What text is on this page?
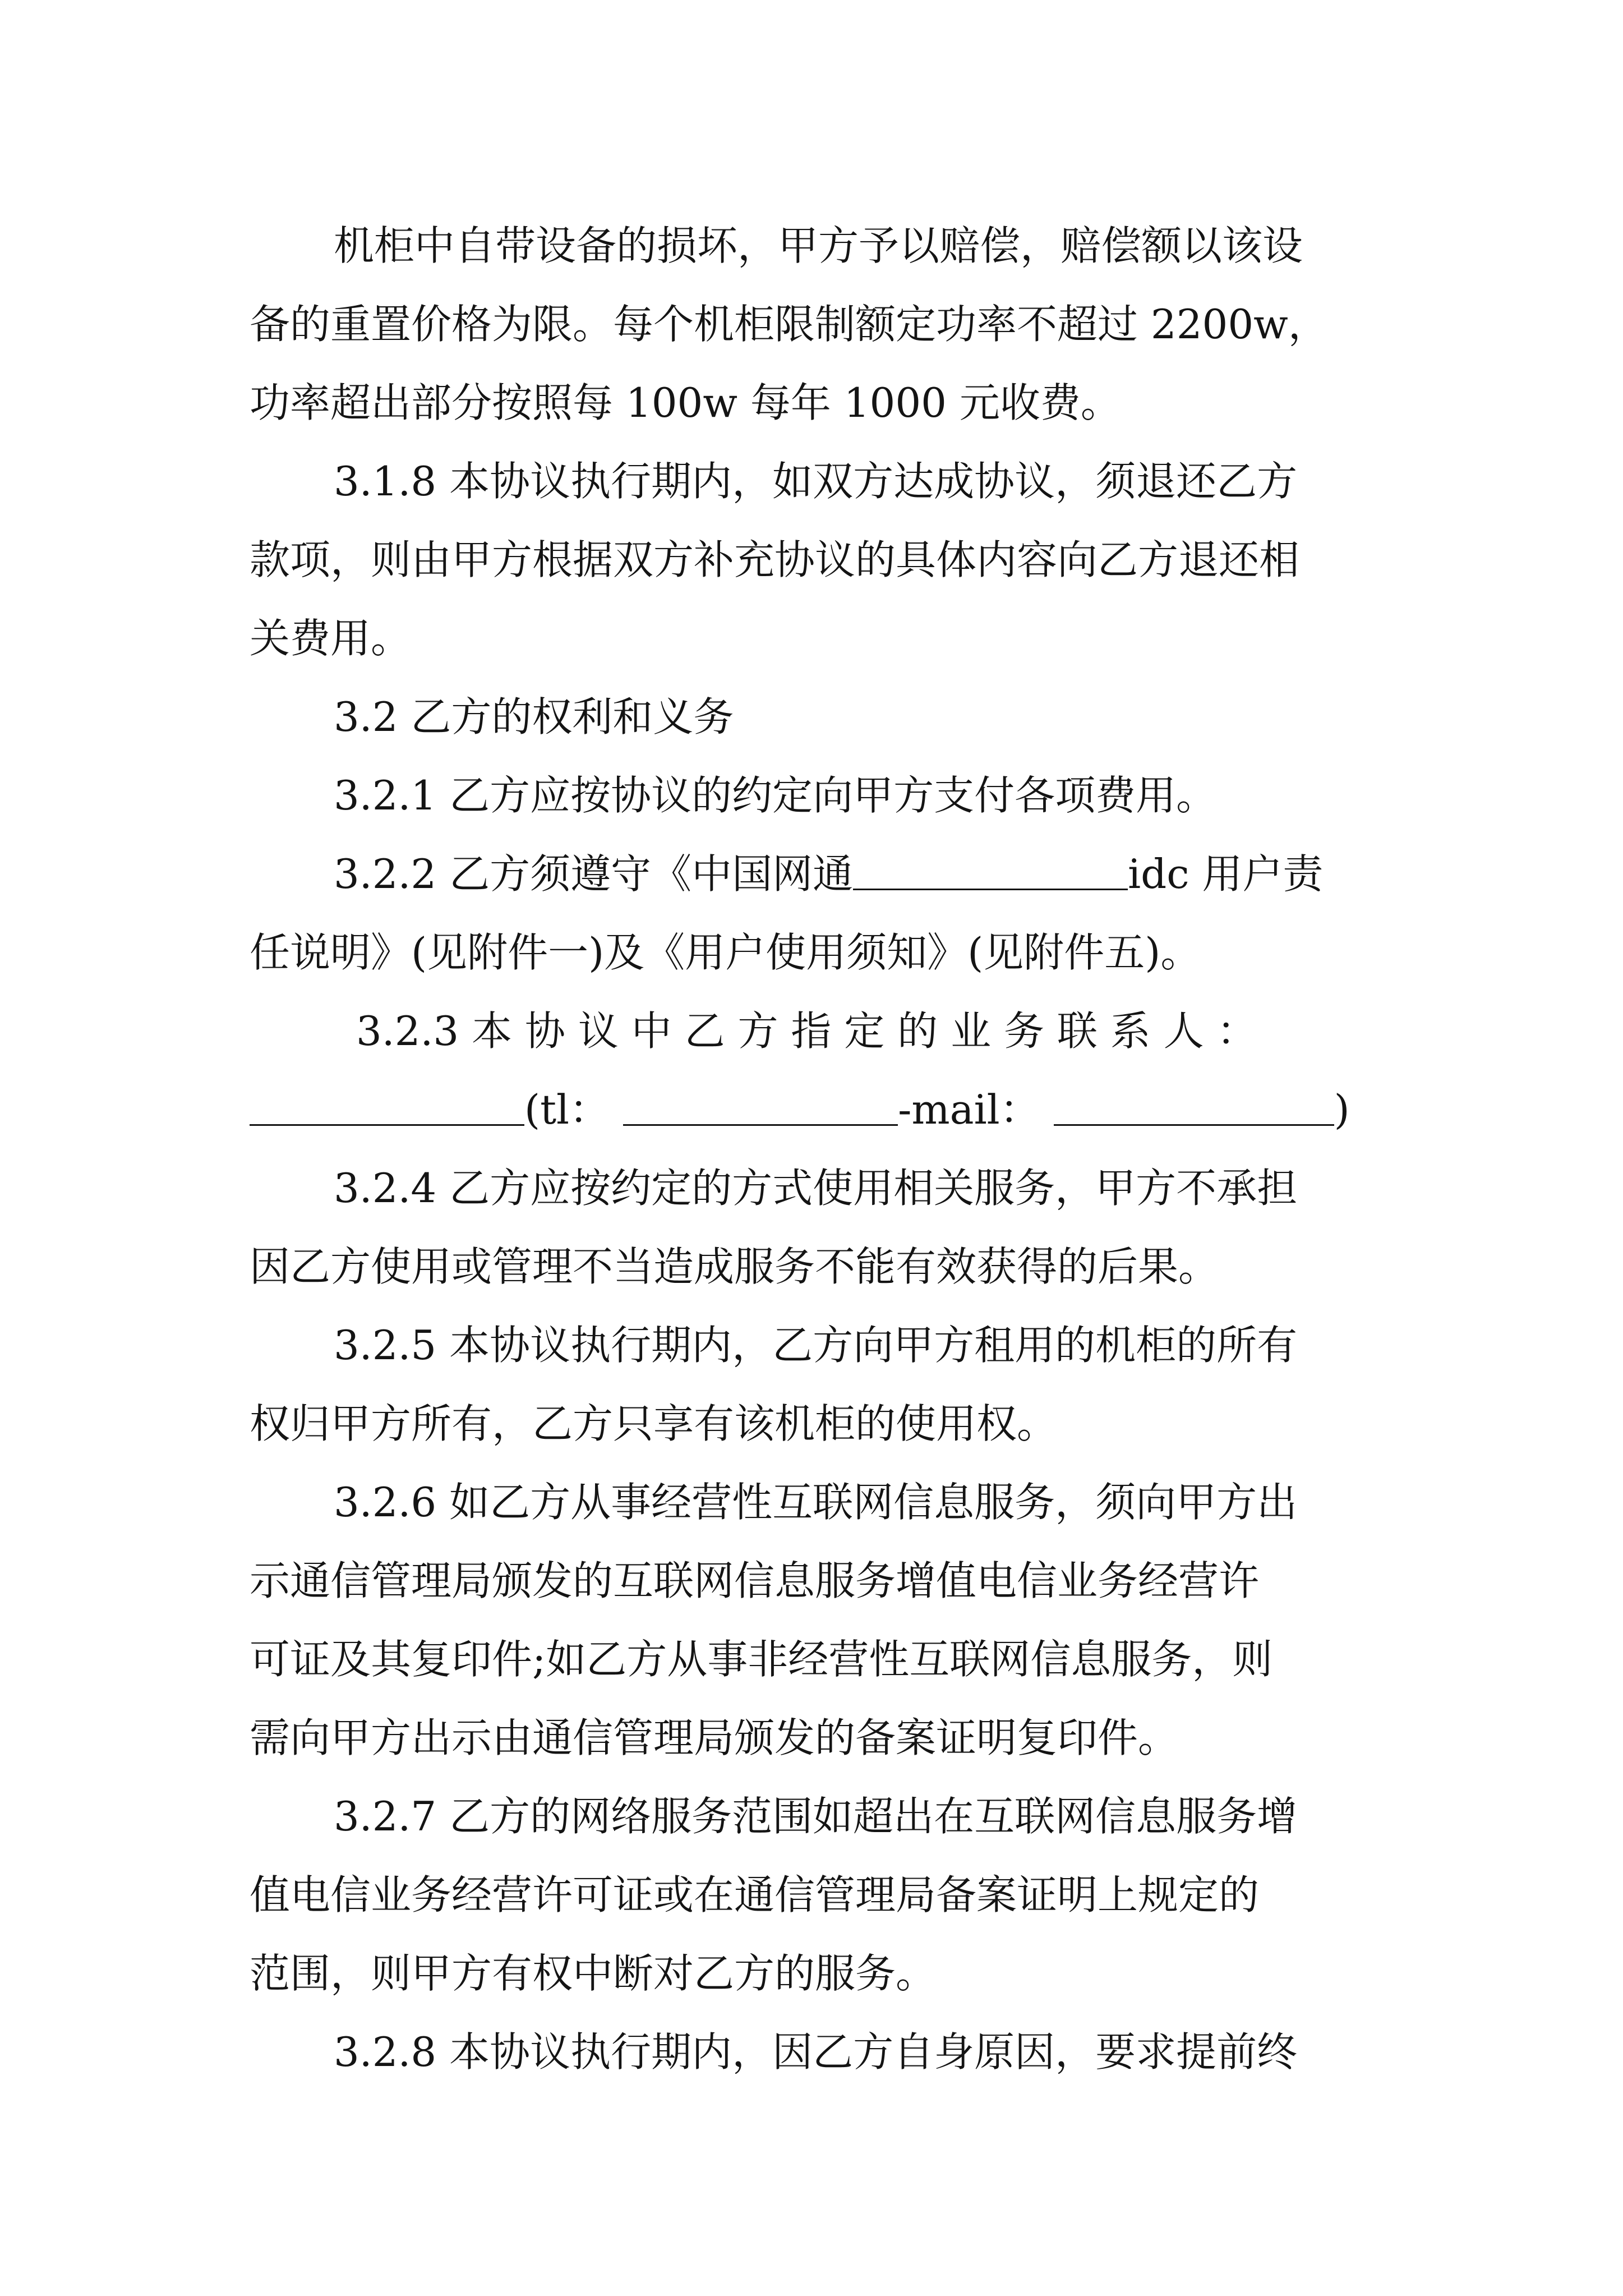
机柜中自带设备的损坏，甲方予以赔偿，赔偿额以该设
备的重置价格为限。每个机柜限制额定功率不超过 2200w，
功率超出部分按照每 100w 每年 1000 元收费。
3.1.8 本协议执行期内，如双方达成协议，须退还乙方
款项，则由甲方根据双方补充协议的具体内容向乙方退还相
关费用。
3.2 乙方的权利和义务
3.2.1 乙方应按协议的约定向甲方支付各项费用。
3.2.2 乙方须遵守《中国网通	idc 用户责
任说明》(见附件一)及《用户使用须知》(见附件五)。
3.2.3 本 协 议 中 乙 方 指 定 的 业 务 联 系 人 ：
(tl：	-mail：	)
3.2.4 乙方应按约定的方式使用相关服务，甲方不承担
因乙方使用或管理不当造成服务不能有效获得的后果。
3.2.5 本协议执行期内，乙方向甲方租用的机柜的所有
权归甲方所有，乙方只享有该机柜的使用权。
3.2.6 如乙方从事经营性互联网信息服务，须向甲方出
示通信管理局颁发的互联网信息服务增值电信业务经营许
可证及其复印件;如乙方从事非经营性互联网信息服务，则
需向甲方出示由通信管理局颁发的备案证明复印件。
3.2.7 乙方的网络服务范围如超出在互联网信息服务增
值电信业务经营许可证或在通信管理局备案证明上规定的
范围，则甲方有权中断对乙方的服务。
3.2.8 本协议执行期内，因乙方自身原因，要求提前终
